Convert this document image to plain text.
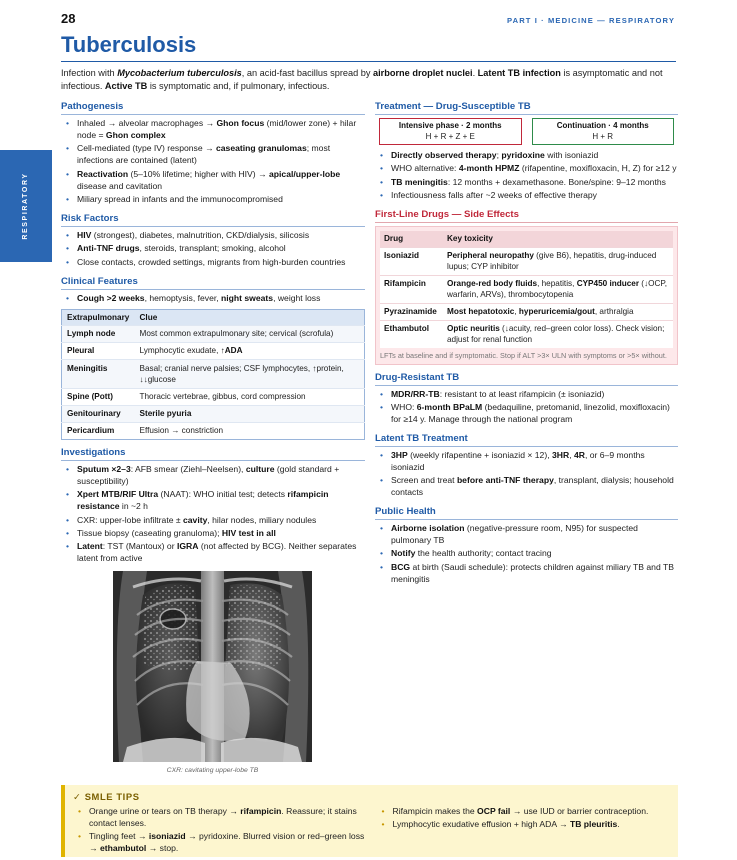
28	PART I · MEDICINE — RESPIRATORY
Tuberculosis
RESPIRATORY

Infection with Mycobacterium tuberculosis, an acid-fast bacillus spread by airborne droplet nuclei. Latent TB infection is asymptomatic and not infectious. Active TB is symptomatic and, if pulmonary, infectious.

Pathogenesis
• Inhaled → alveolar macrophages → Ghon focus (mid/lower zone) + hilar node = Ghon complex
• Cell-mediated (type IV) response → caseating granulomas; most infections are contained (latent)
• Reactivation (5–10% lifetime; higher with HIV) → apical/upper-lobe disease and cavitation
• Miliary spread in infants and the immunocompromised
Risk Factors
• HIV (strongest), diabetes, malnutrition, CKD/dialysis, silicosis
• Anti-TNF drugs, steroids, transplant; smoking, alcohol
• Close contacts, crowded settings, migrants from high-burden countries
Clinical Features
• Cough >2 weeks, hemoptysis, fever, night sweats, weight loss
Extrapulmonary	Clue
Lymph node	Most common extrapulmonary site; cervical (scrofula)
Pleural	Lymphocytic exudate, ↑ADA
Meningitis	Basal; cranial nerve palsies; CSF lymphocytes, ↑protein, ↓↓glucose
Spine (Pott)	Thoracic vertebrae, gibbus, cord compression
Genitourinary	Sterile pyuria
Pericardium	Effusion → constriction
Investigations
• Sputum ×2–3: AFB smear (Ziehl–Neelsen), culture (gold standard + susceptibility)
• Xpert MTB/RIF Ultra (NAAT): WHO initial test; detects rifampicin resistance in ~2 h
• CXR: upper-lobe infiltrate ± cavity, hilar nodes, miliary nodules
• Tissue biopsy (caseating granuloma); HIV test in all
• Latent: TST (Mantoux) or IGRA (not affected by BCG). Neither separates latent from active
CXR: cavitating upper-lobe TB
Treatment — Drug-Susceptible TB
Intensive phase · 2 months
H + R + Z + E
Continuation · 4 months
H + R
• Directly observed therapy; pyridoxine with isoniazid
• WHO alternative: 4-month HPMZ (rifapentine, moxifloxacin, H, Z) for ≥12 y
• TB meningitis: 12 months + dexamethasone. Bone/spine: 9–12 months
• Infectiousness falls after ~2 weeks of effective therapy
First-Line Drugs — Side Effects
Drug	Key toxicity
Isoniazid	Peripheral neuropathy (give B6), hepatitis, drug-induced lupus; CYP inhibitor
Rifampicin	Orange-red body fluids, hepatitis, CYP450 inducer (↓OCP, warfarin, ARVs), thrombocytopenia
Pyrazinamide	Most hepatotoxic, hyperuricemia/gout, arthralgia
Ethambutol	Optic neuritis (↓acuity, red–green color loss). Check vision; adjust for renal function
LFTs at baseline and if symptomatic. Stop if ALT >3× ULN with symptoms or >5× without.
Drug-Resistant TB
• MDR/RR-TB: resistant to at least rifampicin (± isoniazid)
• WHO: 6-month BPaLM (bedaquiline, pretomanid, linezolid, moxifloxacin) for ≥14 y. Manage through the national program
Latent TB Treatment
• 3HP (weekly rifapentine + isoniazid × 12), 3HR, 4R, or 6–9 months isoniazid
• Screen and treat before anti-TNF therapy, transplant, dialysis; household contacts
Public Health
• Airborne isolation (negative-pressure room, N95) for suspected pulmonary TB
• Notify the health authority; contact tracing
• BCG at birth (Saudi schedule): protects children against miliary TB and TB meningitis
✓ SMLE TIPS
• Orange urine or tears on TB therapy → rifampicin. Reassure; it stains contact lenses.
• Tingling feet → isoniazid → pyridoxine. Blurred vision or red–green loss → ethambutol → stop.
• Rifampicin makes the OCP fail → use IUD or barrier contraception.
• Lymphocytic exudative effusion + high ADA → TB pleuritis.
